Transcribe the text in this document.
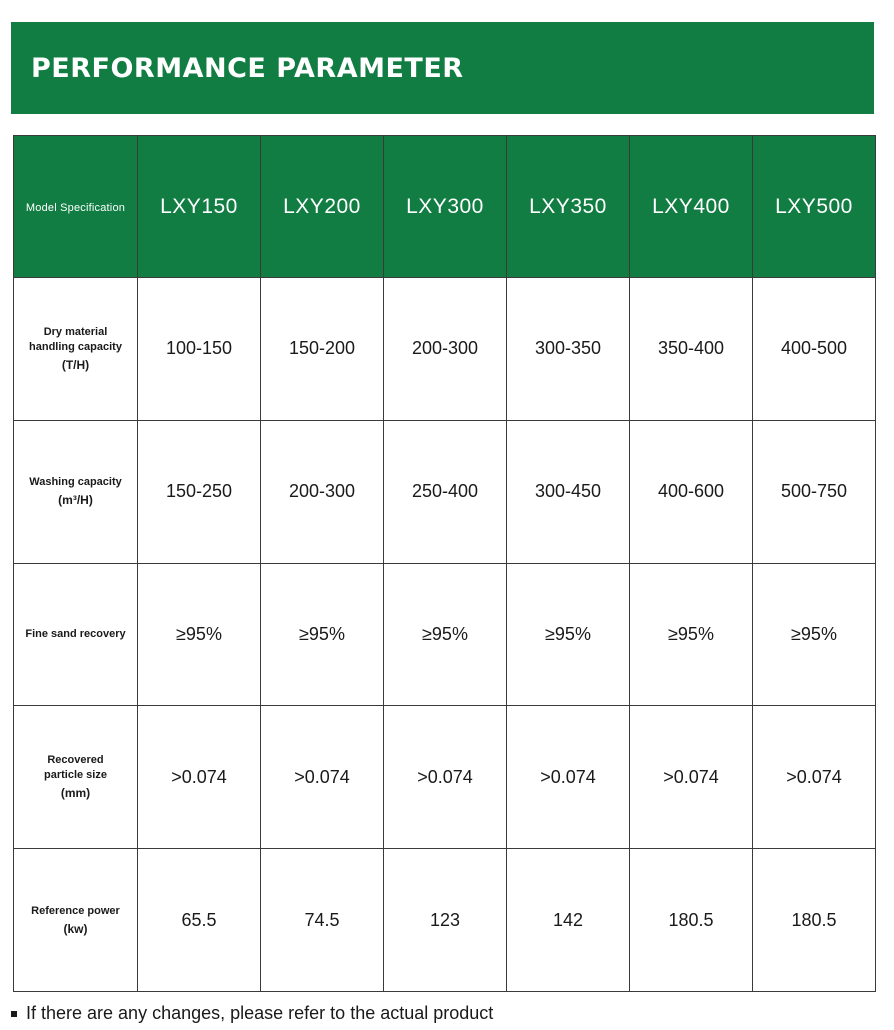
PERFORMANCE PARAMETER
Model Specification	LXY150	LXY200	LXY300	LXY350	LXY400	LXY500

Dry material
handling capacity
(T/H)	100-150	150-200	200-300	300-350	350-400	400-500

Washing capacity
(m³/H)	150-250	200-300	250-400	300-450	400-600	500-750

Fine sand recovery	≥95%	≥95%	≥95%	≥95%	≥95%	≥95%

Recovered
particle size
(mm)	>0.074	>0.074	>0.074	>0.074	>0.074	>0.074

Reference power
(kw)	65.5	74.5	123	142	180.5	180.5
If there are any changes, please refer to the actual product
